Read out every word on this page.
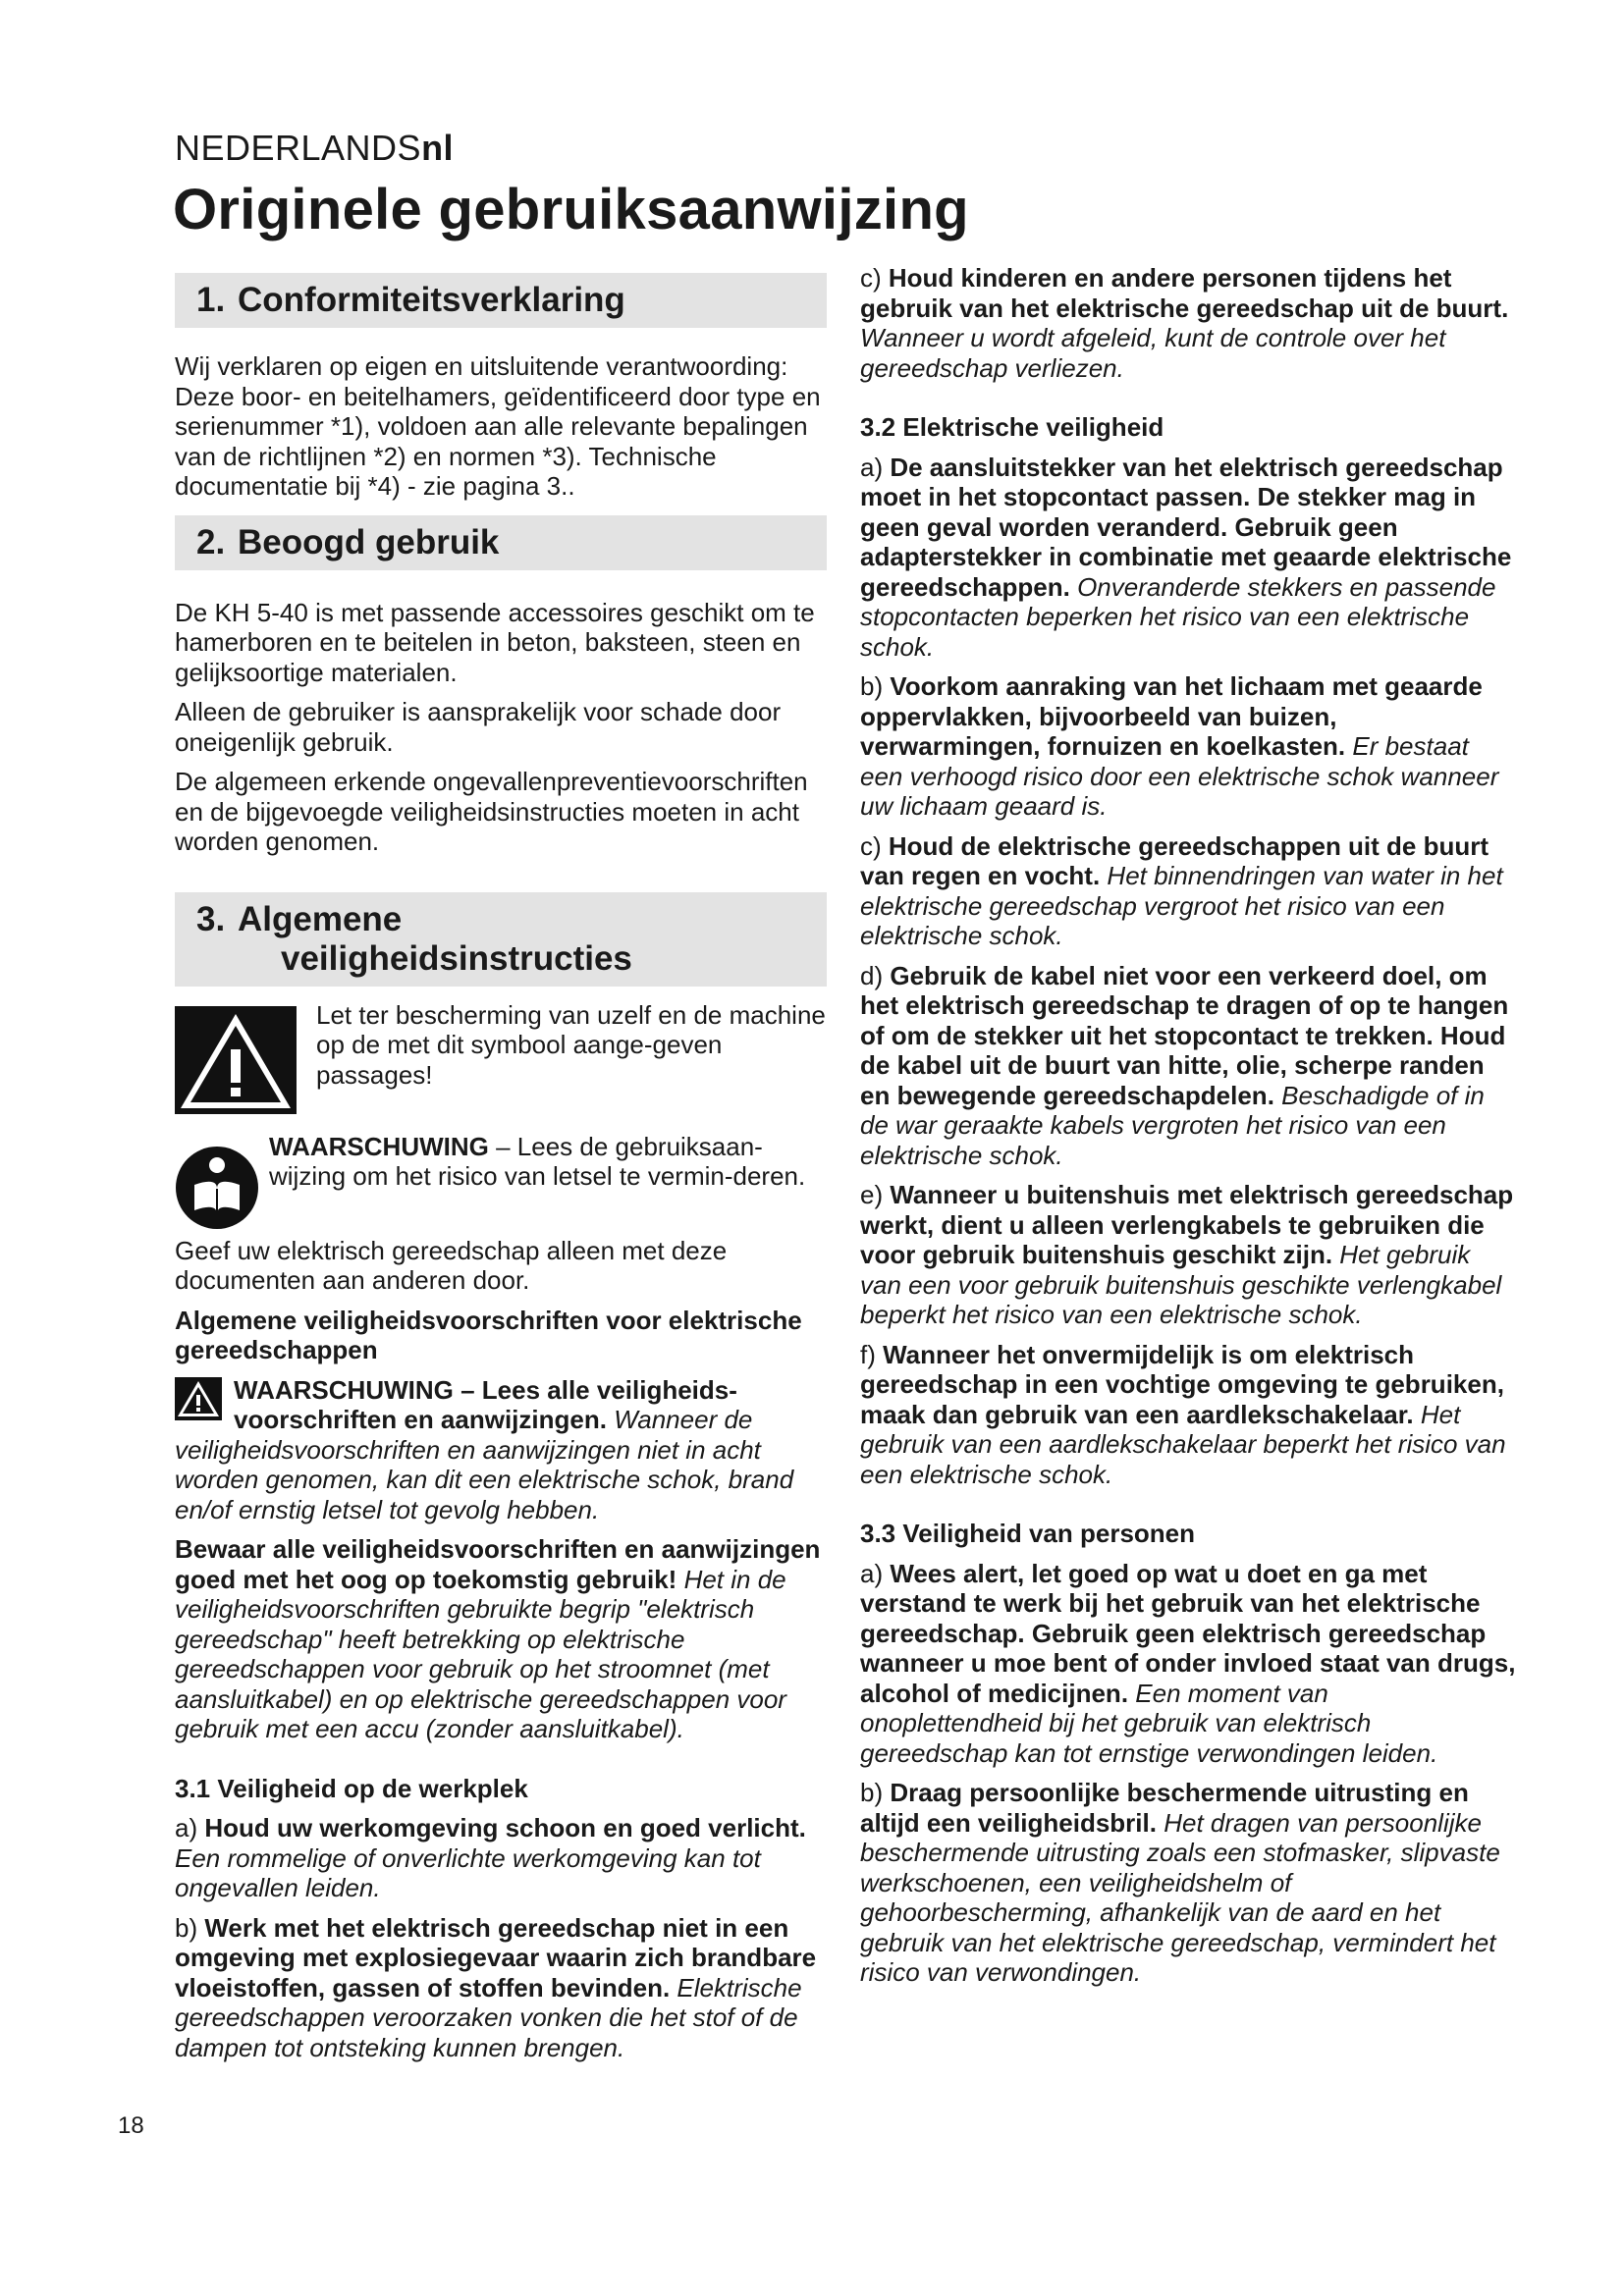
NEDERLANDSnl
Originele gebruiksaanwijzing
1. Conformiteitsverklaring

Wij verklaren op eigen en uitsluitende verantwoording: Deze boor- en beitelhamers, geïdentificeerd door type en serienummer *1), voldoen aan alle relevante bepalingen van de richtlijnen *2) en normen *3). Technische documentatie bij *4) - zie pagina 3..

2. Beoogd gebruik

De KH 5-40 is met passende accessoires geschikt om te hamerboren en te beitelen in beton, baksteen, steen en gelijksoortige materialen.

Alleen de gebruiker is aansprakelijk voor schade door oneigenlijk gebruik.

De algemeen erkende ongevallenpreventievoorschriften en de bijgevoegde veiligheidsinstructies moeten in acht worden genomen.

3. Algemene
veiligheidsinstructies

Let ter bescherming van uzelf en de machine op de met dit symbool aange-geven passages!

WAARSCHUWING – Lees de gebruiksaan-wijzing om het risico van letsel te vermin-deren.

Geef uw elektrisch gereedschap alleen met deze documenten aan anderen door.

Algemene veiligheidsvoorschriften voor elektrische gereedschappen

WAARSCHUWING – Lees alle veiligheids-voorschriften en aanwijzingen. Wanneer de veiligheidsvoorschriften en aanwijzingen niet in acht worden genomen, kan dit een elektrische schok, brand en/of ernstig letsel tot gevolg hebben.

Bewaar alle veiligheidsvoorschriften en aanwijzingen goed met het oog op toekomstig gebruik! Het in de veiligheidsvoorschriften gebruikte begrip "elektrisch gereedschap" heeft betrekking op elektrische gereedschappen voor gebruik op het stroomnet (met aansluitkabel) en op elektrische gereedschappen voor gebruik met een accu (zonder aansluitkabel).

3.1 Veiligheid op de werkplek

a) Houd uw werkomgeving schoon en goed verlicht. Een rommelige of onverlichte werkomgeving kan tot ongevallen leiden.

b) Werk met het elektrisch gereedschap niet in een omgeving met explosiegevaar waarin zich brandbare vloeistoffen, gassen of stoffen bevinden. Elektrische gereedschappen veroorzaken vonken die het stof of de dampen tot ontsteking kunnen brengen.

c) Houd kinderen en andere personen tijdens het gebruik van het elektrische gereedschap uit de buurt. Wanneer u wordt afgeleid, kunt de controle over het gereedschap verliezen.

3.2 Elektrische veiligheid

a) De aansluitstekker van het elektrisch gereedschap moet in het stopcontact passen. De stekker mag in geen geval worden veranderd. Gebruik geen adapterstekker in combinatie met geaarde elektrische gereedschappen. Onveranderde stekkers en passende stopcontacten beperken het risico van een elektrische schok.

b) Voorkom aanraking van het lichaam met geaarde oppervlakken, bijvoorbeeld van buizen, verwarmingen, fornuizen en koelkasten. Er bestaat een verhoogd risico door een elektrische schok wanneer uw lichaam geaard is.

c) Houd de elektrische gereedschappen uit de buurt van regen en vocht. Het binnendringen van water in het elektrische gereedschap vergroot het risico van een elektrische schok.

d) Gebruik de kabel niet voor een verkeerd doel, om het elektrisch gereedschap te dragen of op te hangen of om de stekker uit het stopcontact te trekken. Houd de kabel uit de buurt van hitte, olie, scherpe randen en bewegende gereedschapdelen. Beschadigde of in de war geraakte kabels vergroten het risico van een elektrische schok.

e) Wanneer u buitenshuis met elektrisch gereedschap werkt, dient u alleen verlengkabels te gebruiken die voor gebruik buitenshuis geschikt zijn. Het gebruik van een voor gebruik buitenshuis geschikte verlengkabel beperkt het risico van een elektrische schok.

f) Wanneer het onvermijdelijk is om elektrisch gereedschap in een vochtige omgeving te gebruiken, maak dan gebruik van een aardlekschakelaar. Het gebruik van een aardlekschakelaar beperkt het risico van een elektrische schok.

3.3 Veiligheid van personen

a) Wees alert, let goed op wat u doet en ga met verstand te werk bij het gebruik van het elektrische gereedschap. Gebruik geen elektrisch gereedschap wanneer u moe bent of onder invloed staat van drugs, alcohol of medicijnen. Een moment van onoplettendheid bij het gebruik van elektrisch gereedschap kan tot ernstige verwondingen leiden.

b) Draag persoonlijke beschermende uitrusting en altijd een veiligheidsbril. Het dragen van persoonlijke beschermende uitrusting zoals een stofmasker, slipvaste werkschoenen, een veiligheidshelm of gehoorbescherming, afhankelijk van de aard en het gebruik van het elektrische gereedschap, vermindert het risico van verwondingen.

18
